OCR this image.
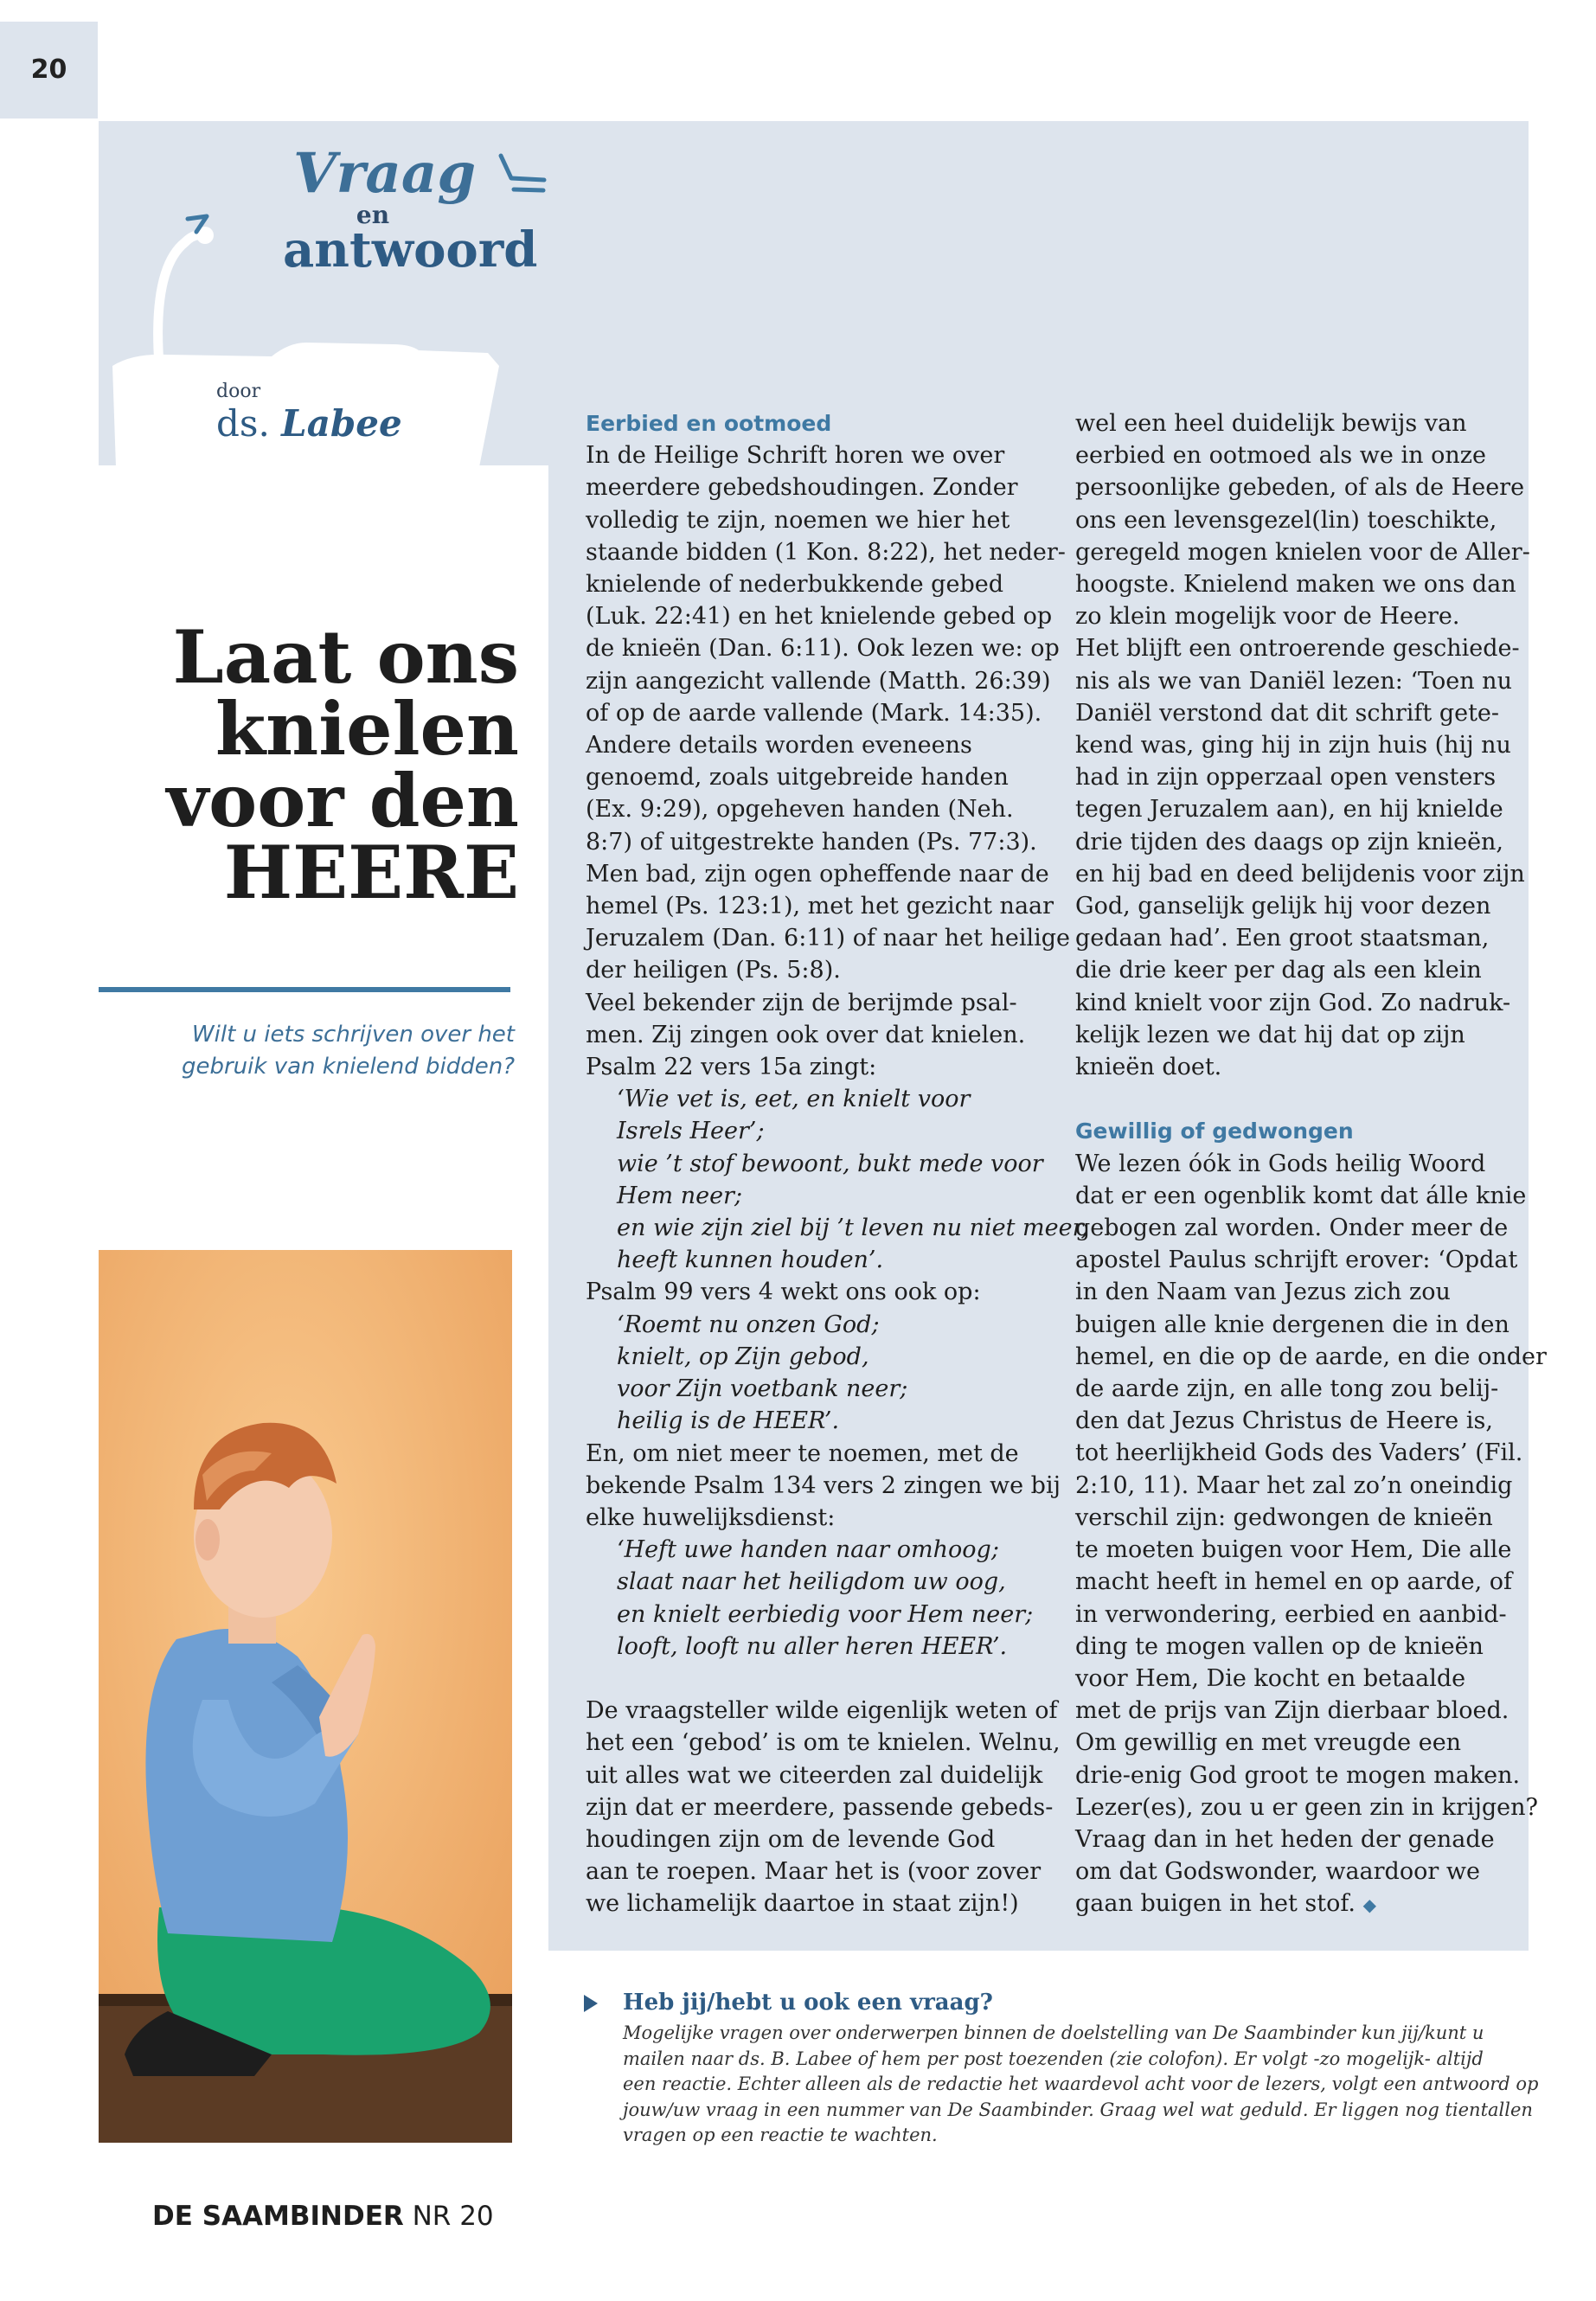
20
Vraag
en
antwoord
door
ds. Labee
Laat ons
knielen
voor den
HEERE
Wilt u iets schrijven over het
gebruik van knielend bidden?

Eerbied en ootmoed

In de Heilige Schrift horen we over

meerdere gebedshoudingen. Zonder

volledig te zijn, noemen we hier het

staande bidden (1 Kon. 8:22), het neder-

knielende of nederbukkende gebed

(Luk. 22:41) en het knielende gebed op

de knieën (Dan. 6:11). Ook lezen we: op

zijn aangezicht vallende (Matth. 26:39)

of op de aarde vallende (Mark. 14:35).

Andere details worden eveneens

genoemd, zoals uitgebreide handen

(Ex. 9:29), opgeheven handen (Neh.

8:7) of uitgestrekte handen (Ps. 77:3).

Men bad, zijn ogen opheffende naar de

hemel (Ps. 123:1), met het gezicht naar

Jeruzalem (Dan. 6:11) of naar het heilige

der heiligen (Ps. 5:8).

Veel bekender zijn de berijmde psal-

men. Zij zingen ook over dat knielen.

Psalm 22 vers 15a zingt:

‘Wie vet is, eet, en knielt voor

Isrels Heer’;

wie ’t stof bewoont, bukt mede voor

Hem neer;

en wie zijn ziel bij ’t leven nu niet meer,

heeft kunnen houden’.

Psalm 99 vers 4 wekt ons ook op:

‘Roemt nu onzen God;

knielt, op Zijn gebod,

voor Zijn voetbank neer;

heilig is de HEER’.

En, om niet meer te noemen, met de

bekende Psalm 134 vers 2 zingen we bij

elke huwelijksdienst:

‘Heft uwe handen naar omhoog;

slaat naar het heiligdom uw oog,

en knielt eerbiedig voor Hem neer;

looft, looft nu aller heren HEER’.

De vraagsteller wilde eigenlijk weten of

het een ‘gebod’ is om te knielen. Welnu,

uit alles wat we citeerden zal duidelijk

zijn dat er meerdere, passende gebeds-

houdingen zijn om de levende God

aan te roepen. Maar het is (voor zover

we lichamelijk daartoe in staat zijn!)

wel een heel duidelijk bewijs van

eerbied en ootmoed als we in onze

persoonlijke gebeden, of als de Heere

ons een levensgezel(lin) toeschikte,

geregeld mogen knielen voor de Aller-

hoogste. Knielend maken we ons dan

zo klein mogelijk voor de Heere.

Het blijft een ontroerende geschiede-

nis als we van Daniël lezen: ‘Toen nu

Daniël verstond dat dit schrift gete-

kend was, ging hij in zijn huis (hij nu

had in zijn opperzaal open vensters

tegen Jeruzalem aan), en hij knielde

drie tijden des daags op zijn knieën,

en hij bad en deed belijdenis voor zijn

God, ganselijk gelijk hij voor dezen

gedaan had’. Een groot staatsman,

die drie keer per dag als een klein

kind knielt voor zijn God. Zo nadruk-

kelijk lezen we dat hij dat op zijn

knieën doet.

Gewillig of gedwongen

We lezen óók in Gods heilig Woord

dat er een ogenblik komt dat álle knie

gebogen zal worden. Onder meer de

apostel Paulus schrijft erover: ‘Opdat

in den Naam van Jezus zich zou

buigen alle knie dergenen die in den

hemel, en die op de aarde, en die onder

de aarde zijn, en alle tong zou belij-

den dat Jezus Christus de Heere is,

tot heerlijkheid Gods des Vaders’ (Fil.

2:10, 11). Maar het zal zo’n oneindig

verschil zijn: gedwongen de knieën

te moeten buigen voor Hem, Die alle

macht heeft in hemel en op aarde, of

in verwondering, eerbied en aanbid-

ding te mogen vallen op de knieën

voor Hem, Die kocht en betaalde

met de prijs van Zijn dierbaar bloed.

Om gewillig en met vreugde een

drie-enig God groot te mogen maken.

Lezer(es), zou u er geen zin in krijgen?

Vraag dan in het heden der genade

om dat Godswonder, waardoor we

gaan buigen in het stof. ◆

Heb jij/hebt u ook een vraag?

Mogelijke vragen over onderwerpen binnen de doelstelling van De Saambinder kun jij/kunt u

mailen naar ds. B. Labee of hem per post toezenden (zie colofon). Er volgt -zo mogelijk- altijd

een reactie. Echter alleen als de redactie het waardevol acht voor de lezers, volgt een antwoord op

jouw/uw vraag in een nummer van De Saambinder. Graag wel wat geduld. Er liggen nog tientallen

vragen op een reactie te wachten.

DE SAAMBINDER NR 20
